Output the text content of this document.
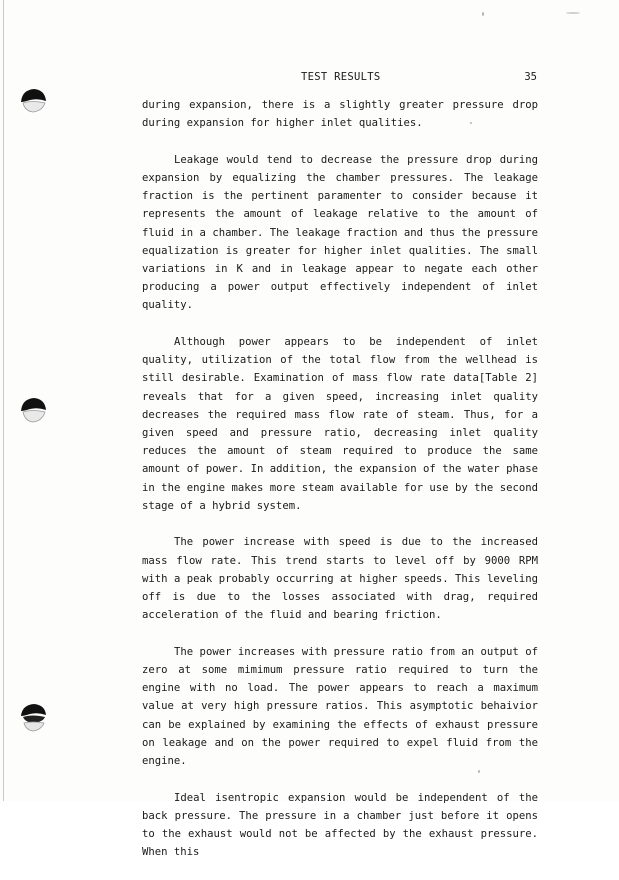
TEST RESULTS	35

during expansion, there is a slightly greater pressure drop during expansion for higher inlet qualities.

Leakage would tend to decrease the pressure drop during expansion by equalizing the chamber pressures. The leakage fraction is the pertinent paramenter to consider because it represents the amount of leakage relative to the amount of fluid in a chamber. The leakage fraction and thus the pressure equalization is greater for higher inlet qualities. The small variations in K and in leakage appear to negate each other producing a power output effectively independent of inlet quality.

Although power appears to be independent of inlet quality, utilization of the total flow from the wellhead is still desirable. Examination of mass flow rate data[Table 2] reveals that for a given speed, increasing inlet quality decreases the required mass flow rate of steam. Thus, for a given speed and pressure ratio, decreasing inlet quality reduces the amount of steam required to produce the same amount of power. In addition, the expansion of the water phase in the engine makes more steam available for use by the second stage of a hybrid system.

The power increase with speed is due to the increased mass flow rate. This trend starts to level off by 9000 RPM with a peak probably occurring at higher speeds. This leveling off is due to the losses associated with drag, required acceleration of the fluid and bearing friction.

The power increases with pressure ratio from an output of zero at some mimimum pressure ratio required to turn the engine with no load. The power appears to reach a maximum value at very high pressure ratios. This asymptotic behaivior can be explained by examining the effects of exhaust pressure on leakage and on the power required to expel fluid from the engine.

Ideal isentropic expansion would be independent of the back pressure. The pressure in a chamber just before it opens to the exhaust would not be affected by the exhaust pressure. When this
